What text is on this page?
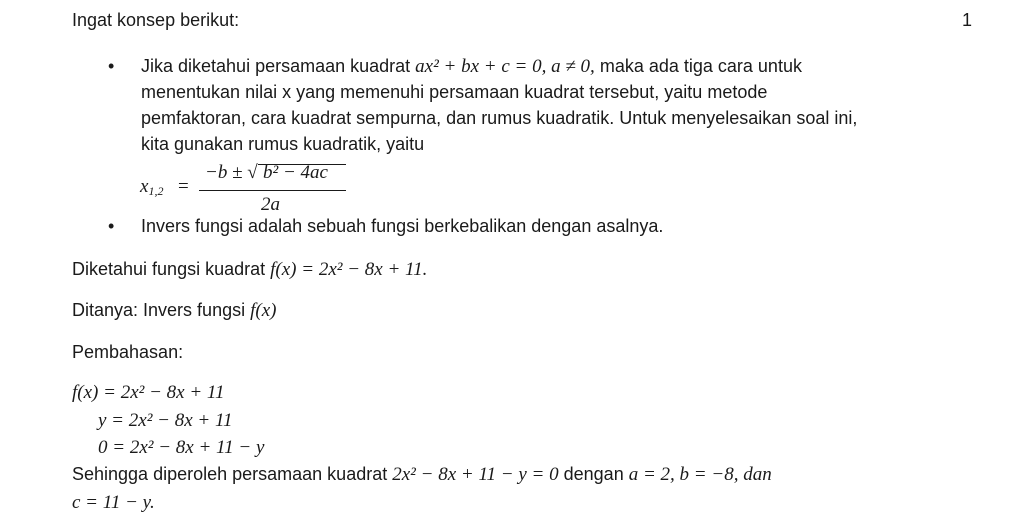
Ingat konsep berikut:	1
• Jika diketahui persamaan kuadrat ax² + bx + c = 0, a ≠ 0, maka ada tiga cara untuk
menentukan nilai x yang memenuhi persamaan kuadrat tersebut, yaitu metode
pemfaktoran, cara kuadrat sempurna, dan rumus kuadratik. Untuk menyelesaikan soal ini,
kita gunakan rumus kuadratik, yaitu
$x_{1,2}$ =
−b ± √ b² − 4ac
2a
• Invers fungsi adalah sebuah fungsi berkebalikan dengan asalnya.
Diketahui fungsi kuadrat f(x) = 2x² − 8x + 11.
Ditanya: Invers fungsi f(x)
Pembahasan:
f(x) = 2x² − 8x + 11
y = 2x² − 8x + 11
0 = 2x² − 8x + 11 − y
Sehingga diperoleh persamaan kuadrat 2x² − 8x + 11 − y = 0 dengan a = 2, b = −8, dan
c = 11 − y.
